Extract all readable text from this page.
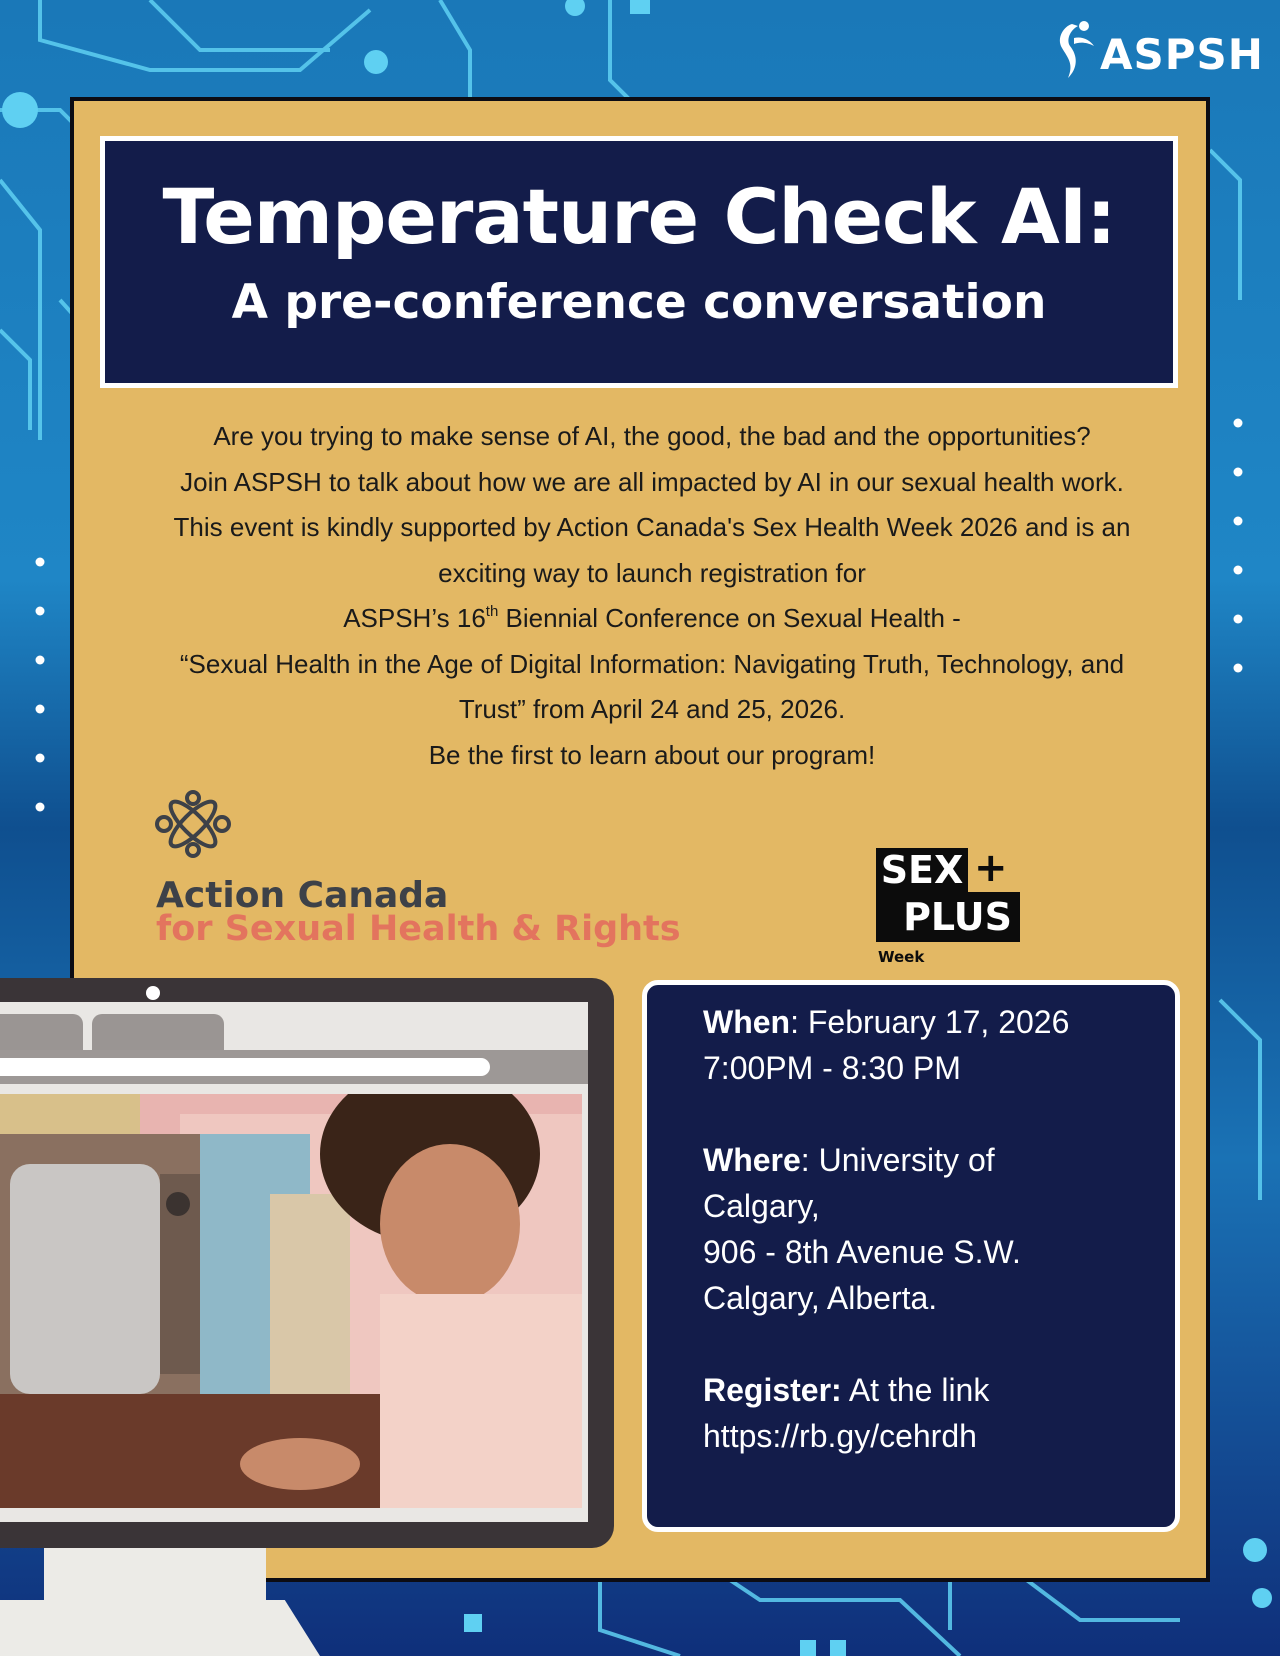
ASPSH
Temperature Check AI:
A pre-conference conversation

Are you trying to make sense of AI, the good, the bad and the opportunities?

Join ASPSH to talk about how we are all impacted by AI in our sexual health work.

This event is kindly supported by Action Canada's Sex Health Week 2026 and is an exciting way to launch registration for

ASPSH’s 16th Biennial Conference on Sexual Health -

“Sexual Health in the Age of Digital Information: Navigating Truth, Technology, and Trust” from April 24 and 25, 2026.

Be the first to learn about our program!

Action Canada
for Sexual Health & Rights
SEX +
PLUS
Week

When: February 17, 2026

7:00PM - 8:30 PM

Where: University of

Calgary,

906 - 8th Avenue S.W.

Calgary, Alberta.

Register: At the link

https://rb.gy/cehrdh
